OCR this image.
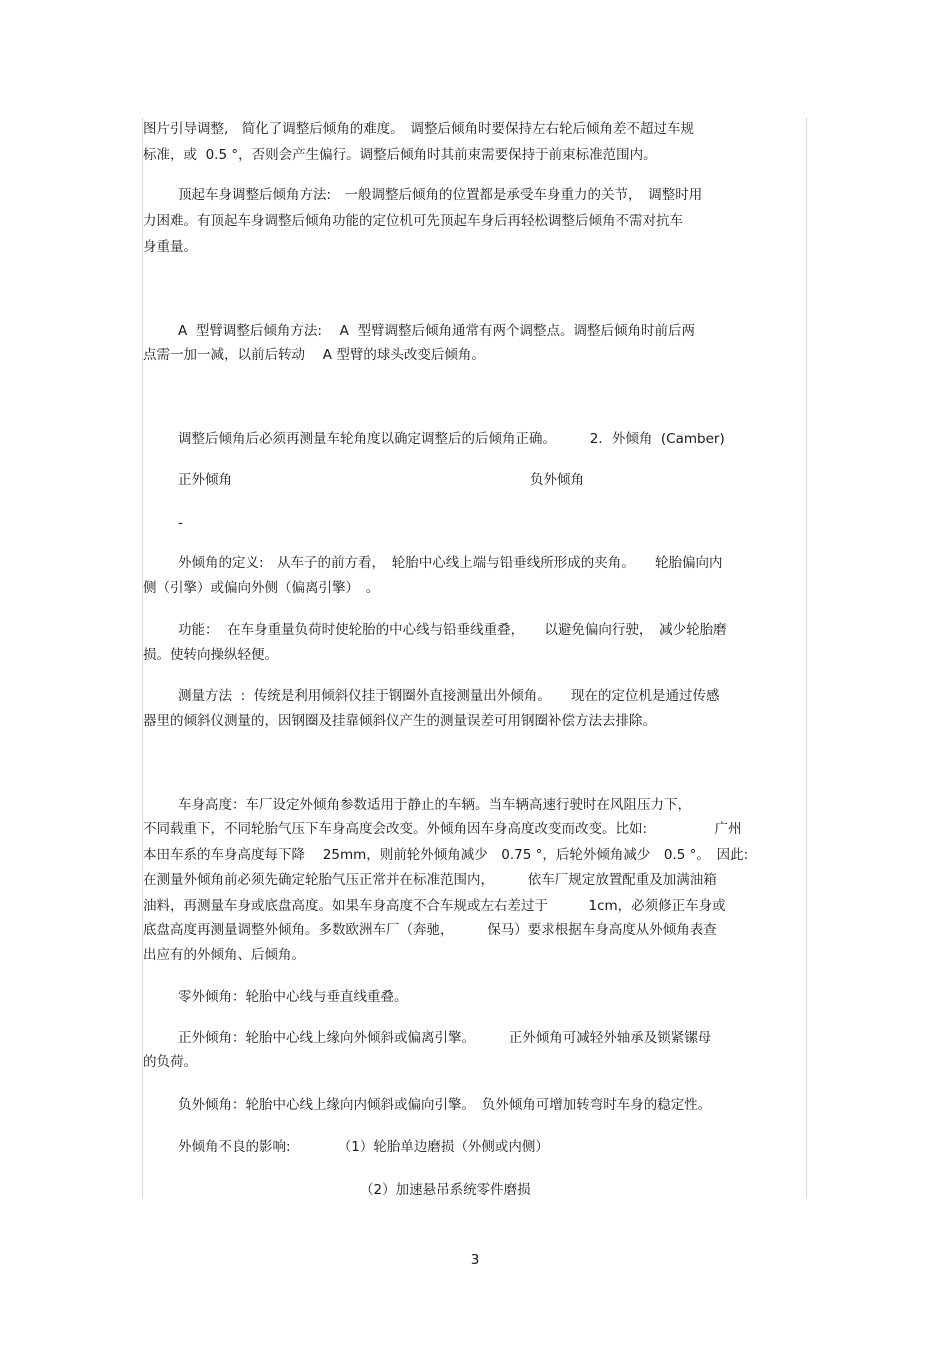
图片引导调整,　简化了调整后倾角的难度。　调整后倾角时要保持左右轮后倾角差不超过车规
标准，或  0.5 °，否则会产生偏行。调整后倾角时其前束需要保持于前束标准范围内。
顶起车身调整后倾角方法:　一般调整后倾角的位置都是承受车身重力的关节，　调整时用
力困难。有顶起车身调整后倾角功能的定位机可先顶起车身后再轻松调整后倾角不需对抗车
身重量。
A  型臂调整后倾角方法:　 A  型臂调整后倾角通常有两个调整点。调整后倾角时前后两
点需一加一减，以前后转动　 A 型臂的球头改变后倾角。
调整后倾角后必须再测量车轮角度以确定调整后的后倾角正确。　　　2．外倾角  (Camber)
正外倾角	负外倾角
-
外倾角的定义:　从车子的前方看，　轮胎中心线上端与铅垂线所形成的夹角。　　轮胎偏向内
侧（引擎）或偏向外侧（偏离引擎）　。
功能：  在车身重量负荷时使轮胎的中心线与铅垂线重叠，　　以避免偏向行驶，　减少轮胎磨
损。使转向操纵轻便。
测量方法  :  传统是利用倾斜仪挂于钢圈外直接测量出外倾角。　　现在的定位机是通过传感
器里的倾斜仪测量的，因钢圈及挂靠倾斜仪产生的测量误差可用钢圈补偿方法去排除。
车身高度：车厂设定外倾角参数适用于静止的车辆。当车辆高速行驶时在风阻压力下，
不同载重下，不同轮胎气压下车身高度会改变。外倾角因车身高度改变而改变。比如:　　　　　广州
本田车系的车身高度每下降　 25mm，则前轮外倾角减少　0.75 °，后轮外倾角减少　0.5 °。　因此:
在测量外倾角前必须先确定轮胎气压正常并在标准范围内，　　　依车厂规定放置配重及加满油箱
油料，再测量车身或底盘高度。如果车身高度不合车规或左右差过于　　　1cm，必须修正车身或
底盘高度再测量调整外倾角。多数欧洲车厂（奔驰，　　　保马）要求根据车身高度从外倾角表查
出应有的外倾角、后倾角。
零外倾角：轮胎中心线与垂直线重叠。
正外倾角：轮胎中心线上缘向外倾斜或偏离引擎。　　　正外倾角可减轻外轴承及锁紧镙母
的负荷。
负外倾角：轮胎中心线上缘向内倾斜或偏向引擎。　负外倾角可增加转弯时车身的稳定性。
外倾角不良的影响:　　　　（1）轮胎单边磨损（外侧或内侧）
（2）加速悬吊系统零件磨损
3
